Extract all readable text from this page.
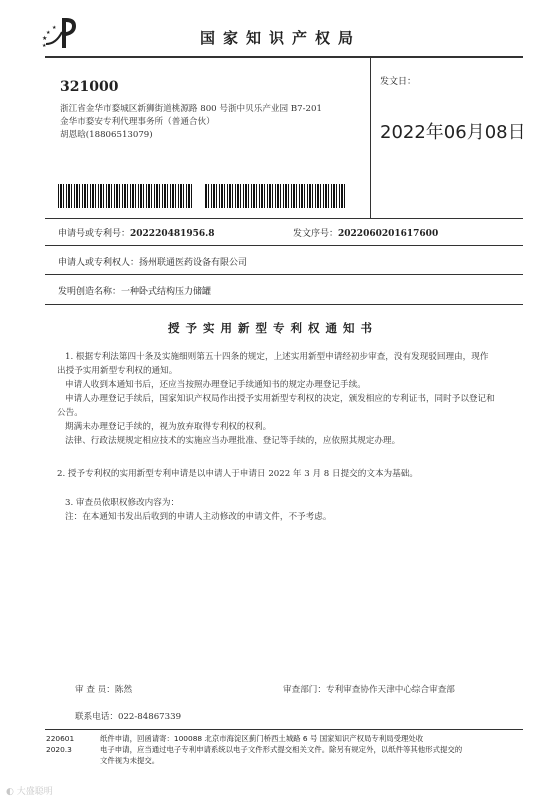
★
★
★
★	国家知识产权局
321000
浙江省金华市婺城区新狮街道桃源路 800 号浙中贝乐产业园 B7-201
金华市婺安专利代理事务所（普通合伙）
胡恩晗(18806513079)
发文日：
2022年06月08日
申请号或专利号：202220481956.8	发文序号：2022060201617600
申请人或专利权人：扬州联通医药设备有限公司
发明创造名称：一种卧式结构压力储罐
授予实用新型专利权通知书

1. 根据专利法第四十条及实施细则第五十四条的规定，上述实用新型申请经初步审查，没有发现驳回理由，现作出授予实用新型专利权的通知。

申请人收到本通知书后，还应当按照办理登记手续通知书的规定办理登记手续。

申请人办理登记手续后，国家知识产权局作出授予实用新型专利权的决定，颁发相应的专利证书，同时予以登记和公告。

期满未办理登记手续的，视为放弃取得专利权的权利。

法律、行政法规规定相应技术的实施应当办理批准、登记等手续的，应依照其规定办理。

2. 授予专利权的实用新型专利申请是以申请人于申请日 2022 年 3 月 8 日提交的文本为基础。
3. 审查员依职权修改内容为：
注：在本通知书发出后收到的申请人主动修改的申请文件，不予考虑。
审 查 员：陈然	审查部门：专利审查协作天津中心综合审查部
联系电话：022-84867339
220601
2020.3
纸件申请，回函请寄：100088 北京市海淀区蓟门桥西土城路 6 号 国家知识产权局专利局受理处收
电子申请，应当通过电子专利申请系统以电子文件形式提交相关文件。除另有规定外，以纸件等其他形式提交的
文件视为未提交。
◐ 大盛聪明
